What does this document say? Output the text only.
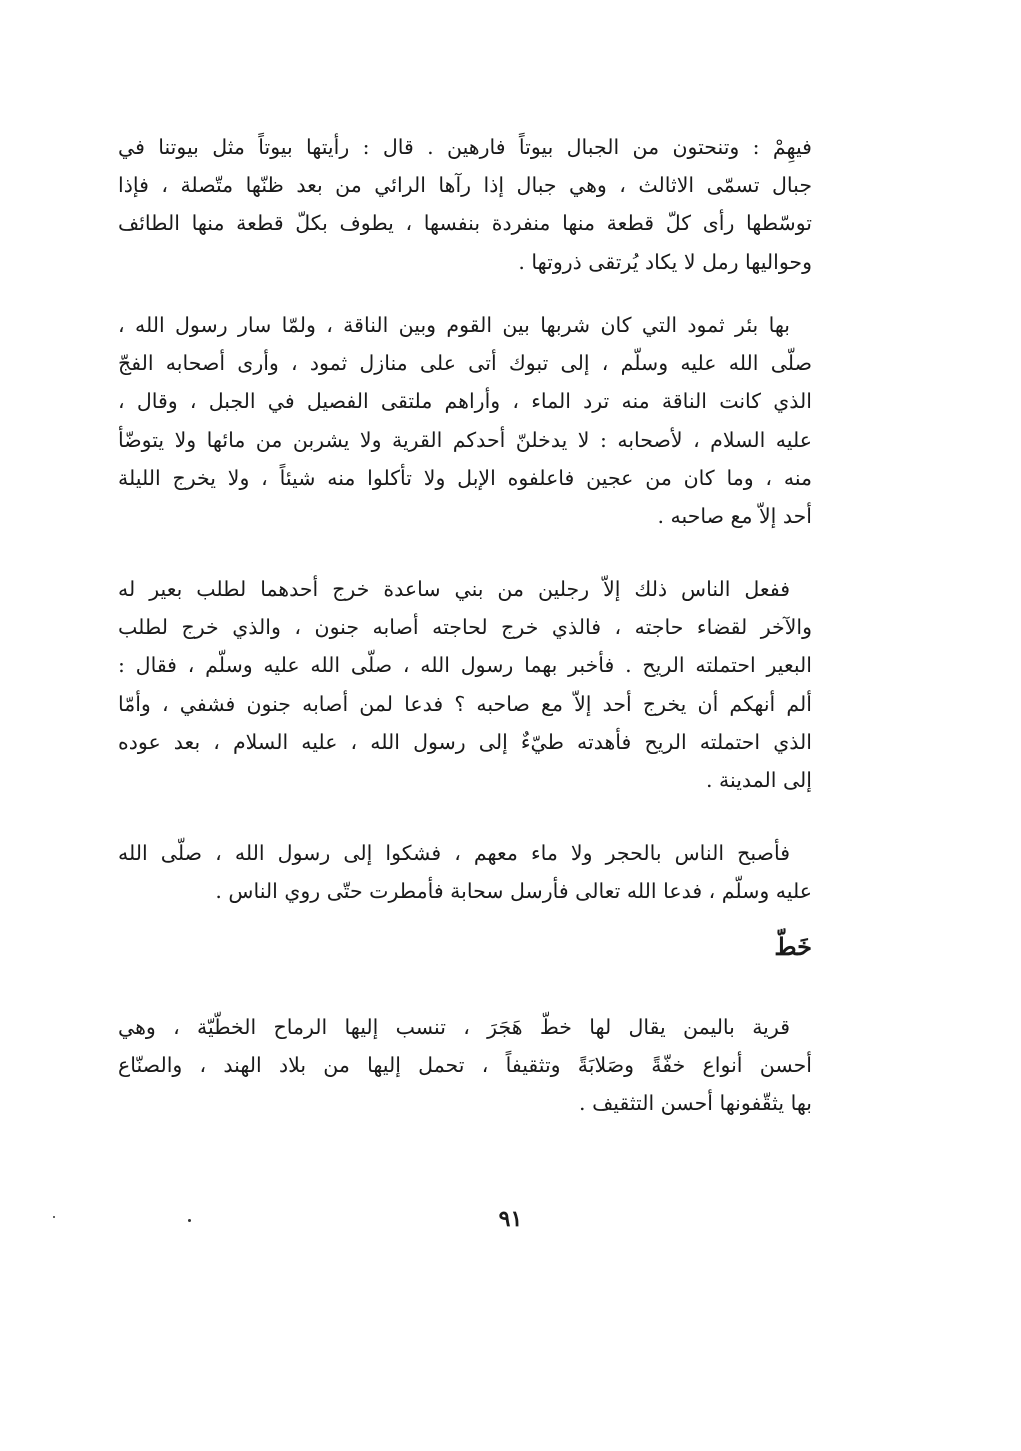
فيهِمْ : وتنحتون من الجبال بيوتاً فارهين . قال : رأيتها بيوتاً مثل بيوتنا في
جبال تسمّى الاثالث ، وهي جبال إذا رآها الرائي من بعد ظنّها متّصلة ، فإذا
توسّطها رأى كلّ قطعة منها منفردة بنفسها ، يطوف بكلّ قطعة منها الطائف
وحواليها رمل لا يكاد يُرتقى ذروتها .
بها بئر ثمود التي كان شربها بين القوم وبين الناقة ، ولمّا سار رسول الله ،
صلّى الله عليه وسلّم ، إلى تبوك أتى على منازل ثمود ، وأرى أصحابه الفجّ
الذي كانت الناقة منه ترد الماء ، وأراهم ملتقى الفصيل في الجبل ، وقال ،
عليه السلام ، لأصحابه : لا يدخلنّ أحدكم القرية ولا يشربن من مائها ولا يتوضّأ
منه ، وما كان من عجين فاعلفوه الإبل ولا تأكلوا منه شيئاً ، ولا يخرج الليلة
أحد إلاّ مع صاحبه .
ففعل الناس ذلك إلاّ رجلين من بني ساعدة خرج أحدهما لطلب بعير له
والآخر لقضاء حاجته ، فالذي خرج لحاجته أصابه جنون ، والذي خرج لطلب
البعير احتملته الريح . فأخبر بهما رسول الله ، صلّى الله عليه وسلّم ، فقال :
ألم أنهكم أن يخرج أحد إلاّ مع صاحبه ؟ فدعا لمن أصابه جنون فشفي ، وأمّا
الذي احتملته الريح فأهدته طيّءٌ إلى رسول الله ، عليه السلام ، بعد عوده
إلى المدينة .
فأصبح الناس بالحجر ولا ماء معهم ، فشكوا إلى رسول الله ، صلّى الله
عليه وسلّم ، فدعا الله تعالى فأرسل سحابة فأمطرت حتّى روي الناس .
خَطّ
قرية باليمن يقال لها خطّ هَجَرَ ، تنسب إليها الرماح الخطّيّة ، وهي
أحسن أنواع خفّةً وصَلابَةً وتثقيفاً ، تحمل إليها من بلاد الهند ، والصنّاع
بها يثقّفونها أحسن التثقيف .
٩١
